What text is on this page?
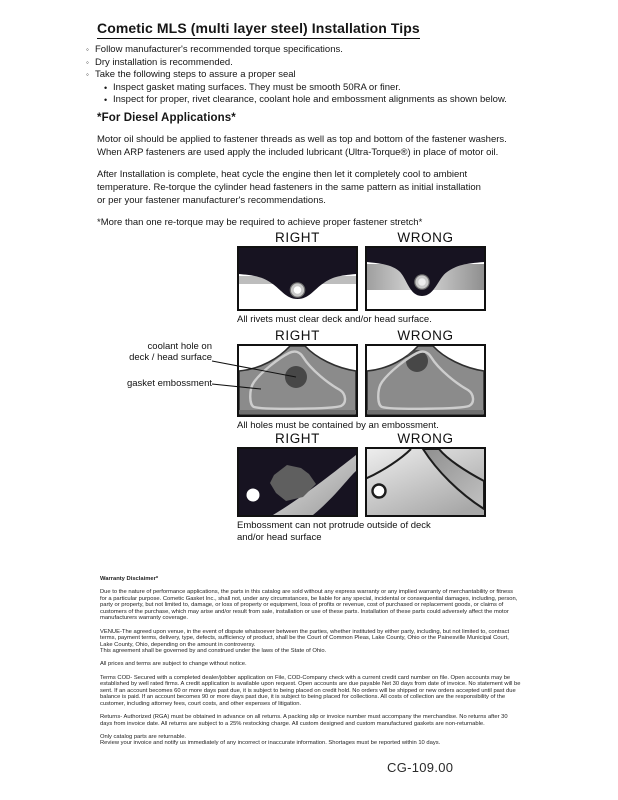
Cometic MLS (multi layer steel) Installation Tips
◦ Follow manufacturer's recommended torque specifications.
◦ Dry installation is recommended.
◦ Take the following steps to assure a proper seal
• Inspect gasket mating surfaces. They must be smooth 50RA or finer.
• Inspect for proper, rivet clearance, coolant hole and embossment alignments as shown below.
*For Diesel Applications*
Motor oil should be applied to fastener threads as well as top and bottom of the fastener washers.
When ARP fasteners are used apply the included lubricant (Ultra-Torque®) in place of motor oil.
After Installation is complete, heat cycle the engine then let it completely cool to ambient
temperature. Re-torque the cylinder head fasteners in the same pattern as initial installation
or per your fastener manufacturer's recommendations.
*More than one re-torque may be required to achieve proper fastener stretch*
RIGHT	WRONG
All rivets must clear deck and/or head surface.
coolant hole on
deck / head surface
gasket embossment
RIGHT	WRONG
All holes must be contained by an embossment.
RIGHT	WRONG
Embossment can not protrude outside of deck
and/or head surface
Warranty Disclaimer*

Due to the nature of performance applications, the parts in this catalog are sold without any express warranty or any implied warranty of merchantability or fitness for a particular purpose. Cometic Gasket Inc., shall not, under any circumstances, be liable for any special, incidental or consequential damages, including, person, party or property, but not limited to, damage, or loss of property or equipment, loss of profits or revenue, cost of purchased or replacement goods, or claims of customers of the purchase, which may arise and/or result from sale, installation or use of these parts. Installation of these parts could adversely affect the motor manufacturers warranty coverage.

VENUE-The agreed upon venue, in the event of dispute whatsoever between the parties, whether instituted by either party, including, but not limited to, contract terms, payment terms, delivery, type, defects, sufficiency of product, shall be the Court of Common Pleas, Lake County, Ohio or the Painesville Municipal Court, Lake County, Ohio, depending on the amount in controversy.

This agreement shall be governed by and construed under the laws of the State of Ohio.

All prices and terms are subject to change without notice.

Terms COD- Secured with a completed dealer/jobber application on File, COD-Company check with a current credit card number on file. Open accounts may be established by well rated firms. A credit application is available upon request. Open accounts are due payable Net 30 days from date of invoice. No statement will be sent. If an account becomes 60 or more days past due, it is subject to being placed on credit hold. No orders will be shipped or new orders accepted until past due balance is paid. If an account becomes 90 or more days past due, it is subject to being placed for collections. All costs of collection are the responsibility of the customer, including attorney fees, court costs, and other expenses of litigation.

Returns- Authorized (RGA) must be obtained in advance on all returns. A packing slip or invoice number must accompany the merchandise. No returns after 30 days from invoice date. All returns are subject to a 25% restocking charge. All custom designed and custom manufactured gaskets are non-returnable.

Only catalog parts are returnable.

Review your invoice and notify us immediately of any incorrect or inaccurate information. Shortages must be reported within 10 days.

CG-109.00
